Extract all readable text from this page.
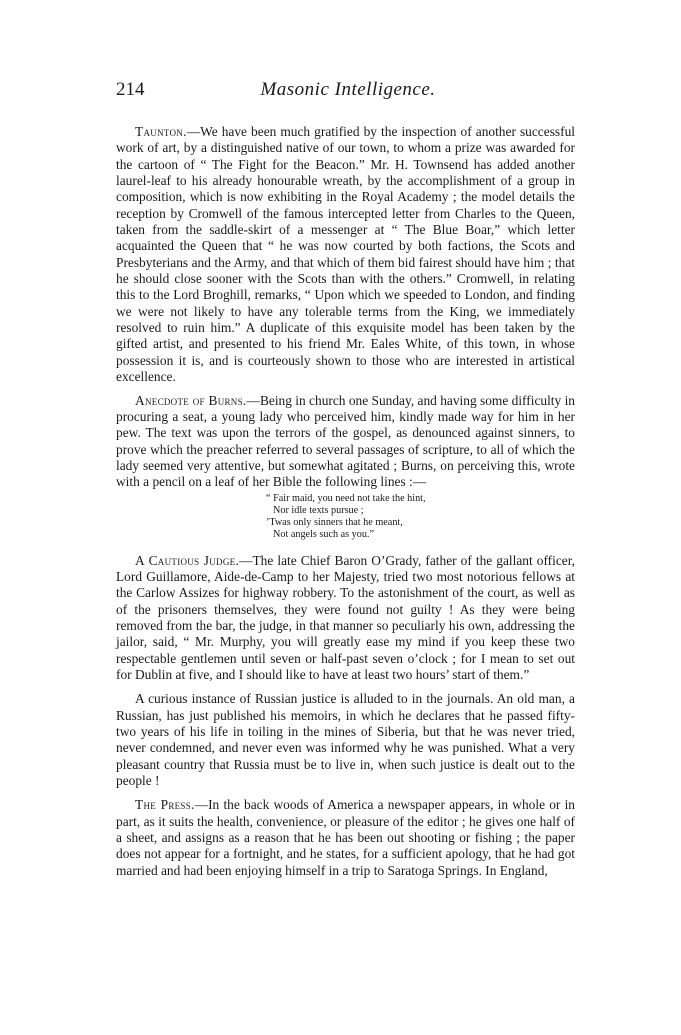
214	Masonic Intelligence.

Taunton.—We have been much gratified by the inspection of another successful work of art, by a distinguished native of our town, to whom a prize was awarded for the cartoon of “ The Fight for the Beacon.” Mr. H. Townsend has added another laurel-leaf to his already honourable wreath, by the accomplishment of a group in composition, which is now exhibiting in the Royal Academy ; the model details the reception by Cromwell of the famous intercepted letter from Charles to the Queen, taken from the saddle-skirt of a messenger at “ The Blue Boar,” which letter acquainted the Queen that “ he was now courted by both factions, the Scots and Presbyterians and the Army, and that which of them bid fairest should have him ; that he should close sooner with the Scots than with the others.” Cromwell, in relating this to the Lord Broghill, remarks, “ Upon which we speeded to London, and finding we were not likely to have any tolerable terms from the King, we immediately resolved to ruin him.” A duplicate of this exquisite model has been taken by the gifted artist, and presented to his friend Mr. Eales White, of this town, in whose possession it is, and is courteously shown to those who are interested in artistical excellence.

Anecdote of Burns.—Being in church one Sunday, and having some difficulty in procuring a seat, a young lady who perceived him, kindly made way for him in her pew. The text was upon the terrors of the gospel, as denounced against sinners, to prove which the preacher referred to several passages of scripture, to all of which the lady seemed very attentive, but somewhat agitated ; Burns, on perceiving this, wrote with a pencil on a leaf of her Bible the following lines :—

“ Fair maid, you need not take the hint,
Nor idle texts pursue ;
’Twas only sinners that he meant,
Not angels such as you.”

A Cautious Judge.—The late Chief Baron O’Grady, father of the gallant officer, Lord Guillamore, Aide-de-Camp to her Majesty, tried two most notorious fellows at the Carlow Assizes for highway robbery. To the astonishment of the court, as well as of the prisoners themselves, they were found not guilty ! As they were being removed from the bar, the judge, in that manner so peculiarly his own, addressing the jailor, said, “ Mr. Murphy, you will greatly ease my mind if you keep these two respectable gentlemen until seven or half-past seven o’clock ; for I mean to set out for Dublin at five, and I should like to have at least two hours’ start of them.”

A curious instance of Russian justice is alluded to in the journals. An old man, a Russian, has just published his memoirs, in which he declares that he passed fifty-two years of his life in toiling in the mines of Siberia, but that he was never tried, never condemned, and never even was informed why he was punished. What a very pleasant country that Russia must be to live in, when such justice is dealt out to the people !

The Press.—In the back woods of America a newspaper appears, in whole or in part, as it suits the health, convenience, or pleasure of the editor ; he gives one half of a sheet, and assigns as a reason that he has been out shooting or fishing ; the paper does not appear for a fortnight, and he states, for a sufficient apology, that he had got married and had been enjoying himself in a trip to Saratoga Springs. In England,
